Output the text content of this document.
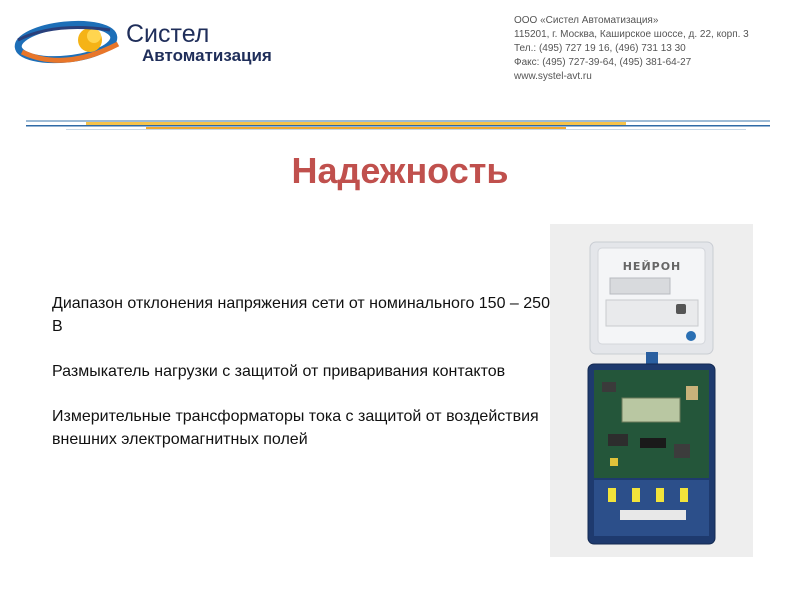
Систел
Автоматизация
ООО «Систел Автоматизация»
115201, г. Москва, Каширское шоссе, д. 22, корп. 3
Тел.: (495) 727 19 16, (496) 731 13 30
Факс: (495) 727-39-64, (495) 381-64-27
www.systel-avt.ru
Надежность

Диапазон отклонения напряжения сети от номинального 150 – 250 В

Размыкатель нагрузки с защитой от приваривания контактов

Измерительные трансформаторы тока с защитой от воздействия внешних электромагнитных полей

НЕЙРОН
